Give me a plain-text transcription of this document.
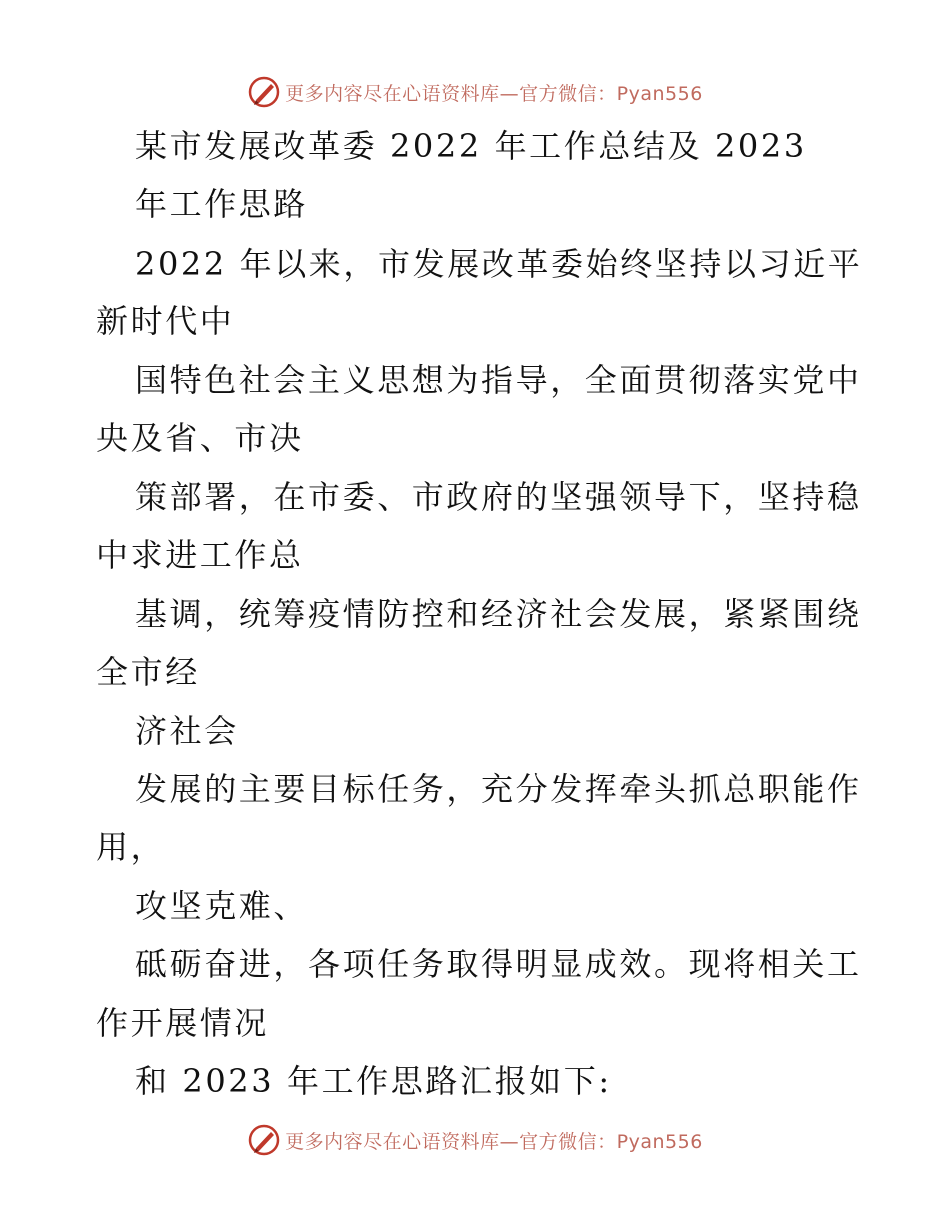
更多内容尽在心语资料库—官方微信：Pyan556
某市发展改革委 2022 年工作总结及 2023
年工作思路
2022 年以来，市发展改革委始终坚持以习近平
新时代中
国特色社会主义思想为指导，全面贯彻落实党中
央及省、市决
策部署，在市委、市政府的坚强领导下，坚持稳
中求进工作总
基调，统筹疫情防控和经济社会发展，紧紧围绕
全市经
济社会
发展的主要目标任务，充分发挥牵头抓总职能作
用，
攻坚克难、
砥砺奋进，各项任务取得明显成效。现将相关工
作开展情况
和 2023 年工作思路汇报如下:
更多内容尽在心语资料库—官方微信：Pyan556
